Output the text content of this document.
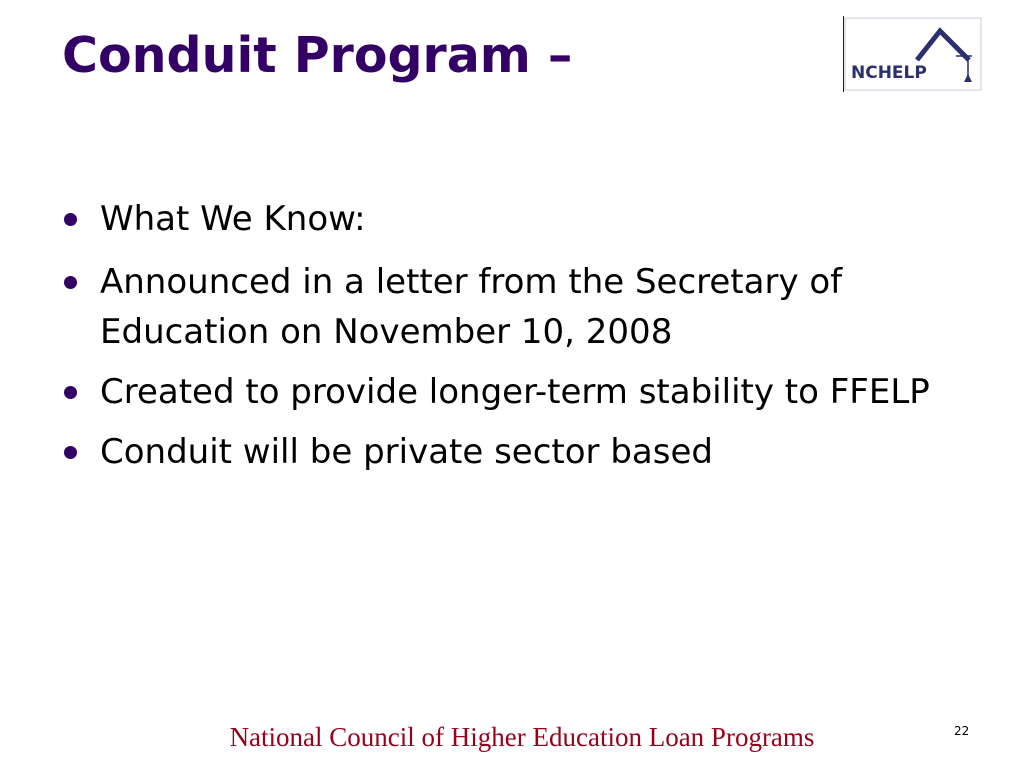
Conduit Program –	NCHELP
What We Know:
Announced in a letter from the Secretary of Education on November 10, 2008
Created to provide longer-term stability to FFELP
Conduit will be private sector based
National Council of Higher Education Loan Programs	22
